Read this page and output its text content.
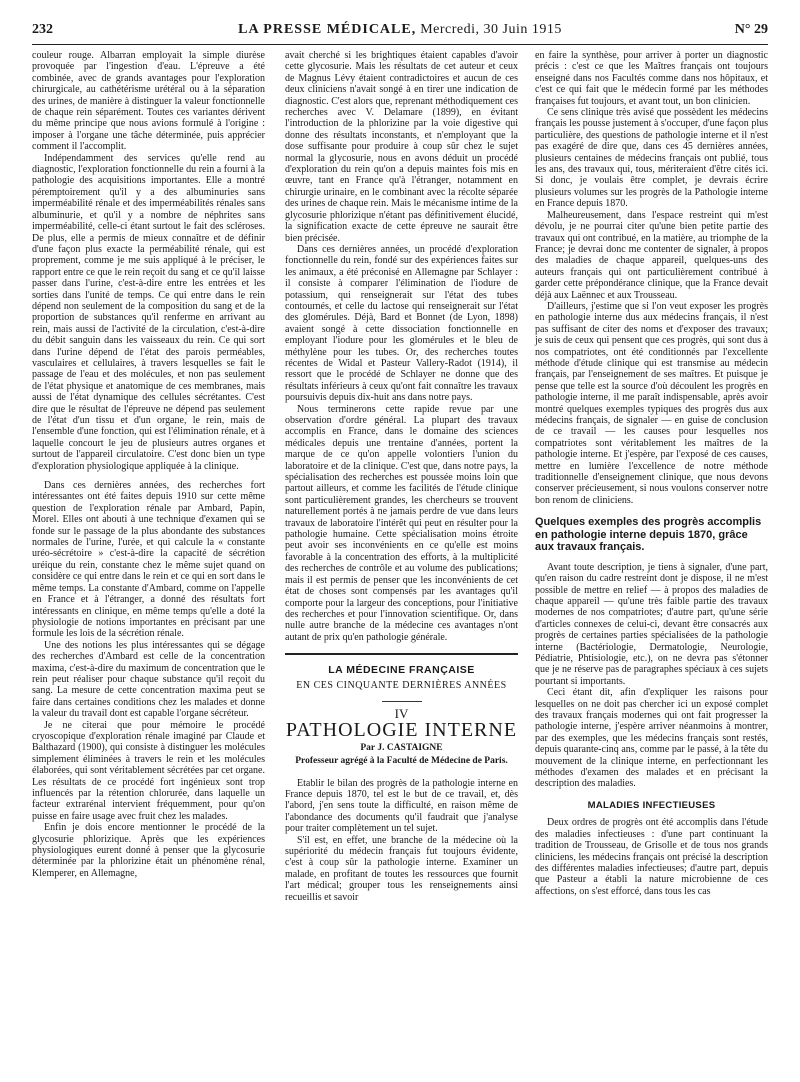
232	LA PRESSE MÉDICALE, Mercredi, 30 Juin 1915	N° 29

couleur rouge. Albarran employait la simple diurèse provoquée par l'ingestion d'eau. L'épreuve a été combinée, avec de grands avantages pour l'exploration chirurgicale, au cathétérisme urétéral ou à la séparation des urines, de manière à distinguer la valeur fonctionnelle de chaque rein séparément. Toutes ces variantes dérivent du même principe que nous avions formulé à l'origine : imposer à l'organe une tâche déterminée, puis apprécier comment il l'accomplit.

Indépendamment des services qu'elle rend au diagnostic, l'exploration fonctionnelle du rein a fourni à la pathologie des acquisitions importantes. Elle a montré péremptoirement qu'il y a des albuminuries sans imperméabilité rénale et des imperméabilités rénales sans albuminurie, et qu'il y a nombre de néphrites sans imperméabilité, celle-ci étant surtout le fait des scléroses. De plus, elle a permis de mieux connaître et de définir d'une façon plus exacte la perméabilité rénale, qui est proprement, comme je me suis appliqué à le préciser, le rapport entre ce que le rein reçoit du sang et ce qu'il laisse passer dans l'urine, c'est-à-dire entre les entrées et les sorties dans l'unité de temps. Ce qui entre dans le rein dépend non seulement de la composition du sang et de la proportion de substances qu'il renferme en arrivant au rein, mais aussi de l'activité de la circulation, c'est-à-dire du débit sanguin dans les vaisseaux du rein. Ce qui sort dans l'urine dépend de l'état des parois perméables, vasculaires et cellulaires, à travers lesquelles se fait le passage de l'eau et des molécules, et non pas seulement de l'état physique et anatomique de ces membranes, mais aussi de l'état dynamique des cellules sécrétantes. C'est dire que le résultat de l'épreuve ne dépend pas seulement de l'état d'un tissu et d'un organe, le rein, mais de l'ensemble d'une fonction, qui est l'élimination rénale, et à laquelle concourt le jeu de plusieurs autres organes et surtout de l'appareil circulatoire. C'est donc bien un type d'exploration physiologique appliquée à la clinique.

Dans ces dernières années, des recherches fort intéressantes ont été faites depuis 1910 sur cette même question de l'exploration rénale par Ambard, Papin, Morel. Elles ont abouti à une technique d'examen qui se fonde sur le passage de la plus abondante des substances normales de l'urine, l'urée, et qui calcule la « constante uréo-sécrétoire » c'est-à-dire la capacité de sécrétion uréique du rein, constante chez le même sujet quand on considère ce qui entre dans le rein et ce qui en sort dans le même temps. La constante d'Ambard, comme on l'appelle en France et à l'étranger, a donné des résultats fort intéressants en clinique, en même temps qu'elle a doté la physiologie de notions importantes en précisant par une formule les lois de la sécrétion rénale.

Une des notions les plus intéressantes qui se dégage des recherches d'Ambard est celle de la concentration maxima, c'est-à-dire du maximum de concentration que le rein peut réaliser pour chaque substance qu'il reçoit du sang. La mesure de cette concentration maxima peut se faire dans certaines conditions chez les malades et donne la valeur du travail dont est capable l'organe sécréteur.

Je ne citerai que pour mémoire le procédé cryoscopique d'exploration rénale imaginé par Claude et Balthazard (1900), qui consiste à distinguer les molécules simplement éliminées à travers le rein et les molécules élaborées, qui sont véritablement sécrétées par cet organe. Les résultats de ce procédé fort ingénieux sont trop influencés par la rétention chlorurée, dans laquelle un facteur extrarénal intervient fréquemment, pour qu'on puisse en faire usage avec fruit chez les malades.

Enfin je dois encore mentionner le procédé de la glycosurie phlorizique. Après que les expériences physiologiques eurent donné à penser que la glycosurie déterminée par la phlorizine était un phénomène rénal, Klemperer, en Allemagne,

avait cherché si les brightiques étaient capables d'avoir cette glycosurie. Mais les résultats de cet auteur et ceux de Magnus Lévy étaient contradictoires et aucun de ces deux cliniciens n'avait songé à en tirer une indication de diagnostic. C'est alors que, reprenant méthodiquement ces recherches avec V. Delamare (1899), en évitant l'introduction de la phlorizine par la voie digestive qui donne des résultats inconstants, et n'employant que la dose suffisante pour produire à coup sûr chez le sujet normal la glycosurie, nous en avons déduit un procédé d'exploration du rein qu'on a depuis maintes fois mis en œuvre, tant en France qu'à l'étranger, notamment en chirurgie urinaire, en le combinant avec la récolte séparée des urines de chaque rein. Mais le mécanisme intime de la glycosurie phlorizique n'étant pas définitivement élucidé, la signification exacte de cette épreuve ne saurait être bien précisée.

Dans ces dernières années, un procédé d'exploration fonctionnelle du rein, fondé sur des expériences faites sur les animaux, a été préconisé en Allemagne par Schlayer : il consiste à comparer l'élimination de l'iodure de potassium, qui renseignerait sur l'état des tubes contournés, et celle du lactose qui renseignerait sur l'état des glomérules. Déjà, Bard et Bonnet (de Lyon, 1898) avaient songé à cette dissociation fonctionnelle en employant l'iodure pour les glomérules et le bleu de méthylène pour les tubes. Or, des recherches toutes récentes de Widal et Pasteur Vallery-Radot (1914), il ressort que le procédé de Schlayer ne donne que des résultats inférieurs à ceux qu'ont fait connaître les travaux poursuivis depuis dix-huit ans dans notre pays.

Nous terminerons cette rapide revue par une observation d'ordre général. La plupart des travaux accomplis en France, dans le domaine des sciences médicales depuis une trentaine d'années, portent la marque de ce qu'on appelle volontiers l'union du laboratoire et de la clinique. C'est que, dans notre pays, la spécialisation des recherches est poussée moins loin que partout ailleurs, et comme les facilités de l'étude clinique sont particulièrement grandes, les chercheurs se trouvent naturellement portés à ne jamais perdre de vue dans leurs travaux de laboratoire l'intérêt qui peut en résulter pour la pathologie humaine. Cette spécialisation moins étroite peut avoir ses inconvénients en ce qu'elle est moins favorable à la concentration des efforts, à la multiplicité des recherches de contrôle et au volume des publications; mais il est permis de penser que les inconvénients de cet état de choses sont compensés par les avantages qu'il comporte pour la largeur des conceptions, pour l'initiative des recherches et pour l'innovation scientifique. Or, dans nulle autre branche de la médecine ces avantages n'ont autant de prix qu'en pathologie générale.

LA MÉDECINE FRANÇAISE
EN CES CINQUANTE DERNIÈRES ANNÉES
IV
PATHOLOGIE INTERNE
Par J. CASTAIGNE
Professeur agrégé à la Faculté de Médecine de Paris.

Etablir le bilan des progrès de la pathologie interne en France depuis 1870, tel est le but de ce travail, et, dès l'abord, j'en sens toute la difficulté, en raison même de l'abondance des documents qu'il faudrait que j'analyse pour traiter complètement un tel sujet.

S'il est, en effet, une branche de la médecine où la supériorité du médecin français fut toujours évidente, c'est à coup sûr la pathologie interne. Examiner un malade, en profitant de toutes les ressources que fournit l'art médical; grouper tous les renseignements ainsi recueillis et savoir

en faire la synthèse, pour arriver à porter un diagnostic précis : c'est ce que les Maîtres français ont toujours enseigné dans nos Facultés comme dans nos hôpitaux, et c'est ce qui fait que le médecin formé par les méthodes françaises fut toujours, et avant tout, un bon clinicien.

Ce sens clinique très avisé que possèdent les médecins français les pousse justement à s'occuper, d'une façon plus particulière, des questions de pathologie interne et il n'est pas exagéré de dire que, dans ces 45 dernières années, plusieurs centaines de médecins français ont publié, tous les ans, des travaux qui, tous, mériteraient d'être cités ici. Si donc, je voulais être complet, je devrais écrire plusieurs volumes sur les progrès de la Pathologie interne en France depuis 1870.

Malheureusement, dans l'espace restreint qui m'est dévolu, je ne pourrai citer qu'une bien petite partie des travaux qui ont contribué, en la matière, au triomphe de la France; je devrai donc me contenter de signaler, à propos des maladies de chaque appareil, quelques-uns des auteurs français qui ont particulièrement contribué à garder cette prépondérance clinique, que la France devait déjà aux Laënnec et aux Trousseau.

D'ailleurs, j'estime que si l'on veut exposer les progrès en pathologie interne dus aux médecins français, il n'est pas suffisant de citer des noms et d'exposer des travaux; je suis de ceux qui pensent que ces progrès, qui sont dus à nos compatriotes, ont été conditionnés par l'excellente méthode d'étude clinique qui est transmise au médecin français, par l'enseignement de ses maîtres. Et puisque je pense que telle est la source d'où découlent les progrès en pathologie interne, il me paraît indispensable, après avoir montré quelques exemples typiques des progrès dus aux médecins français, de signaler — en guise de conclusion de ce travail — les causes pour lesquelles nos compatriotes sont véritablement les maîtres de la pathologie interne. Et j'espère, par l'exposé de ces causes, mettre en lumière l'excellence de notre méthode traditionnelle d'enseignement clinique, que nous devons conserver précieusement, si nous voulons conserver notre bon renom de cliniciens.

Quelques exemples des progrès accomplis en pathologie interne depuis 1870, grâce aux travaux français.

Avant toute description, je tiens à signaler, d'une part, qu'en raison du cadre restreint dont je dispose, il ne m'est possible de mettre en relief — à propos des maladies de chaque appareil — qu'une très faible partie des travaux modernes de nos compatriotes; d'autre part, qu'une série d'articles connexes de celui-ci, devant être consacrés aux progrès de certaines parties spécialisées de la pathologie interne (Bactériologie, Dermatologie, Neurologie, Pédiatrie, Phtisiologie, etc.), on ne devra pas s'étonner que je ne réserve pas de paragraphes spéciaux à ces sujets pourtant si importants.

Ceci étant dit, afin d'expliquer les raisons pour lesquelles on ne doit pas chercher ici un exposé complet des travaux français modernes qui ont fait progresser la pathologie interne, j'espère arriver néanmoins à montrer, par des exemples, que les médecins français sont restés, depuis quarante-cinq ans, comme par le passé, à la tête du mouvement de la clinique interne, en perfectionnant les méthodes d'examen des malades et en précisant la description des maladies.

MALADIES INFECTIEUSES

Deux ordres de progrès ont été accomplis dans l'étude des maladies infectieuses : d'une part continuant la tradition de Trousseau, de Grisolle et de tous nos grands cliniciens, les médecins français ont précisé la description des différentes maladies infectieuses; d'autre part, depuis que Pasteur a établi la nature microbienne de ces affections, on s'est efforcé, dans tous les cas
